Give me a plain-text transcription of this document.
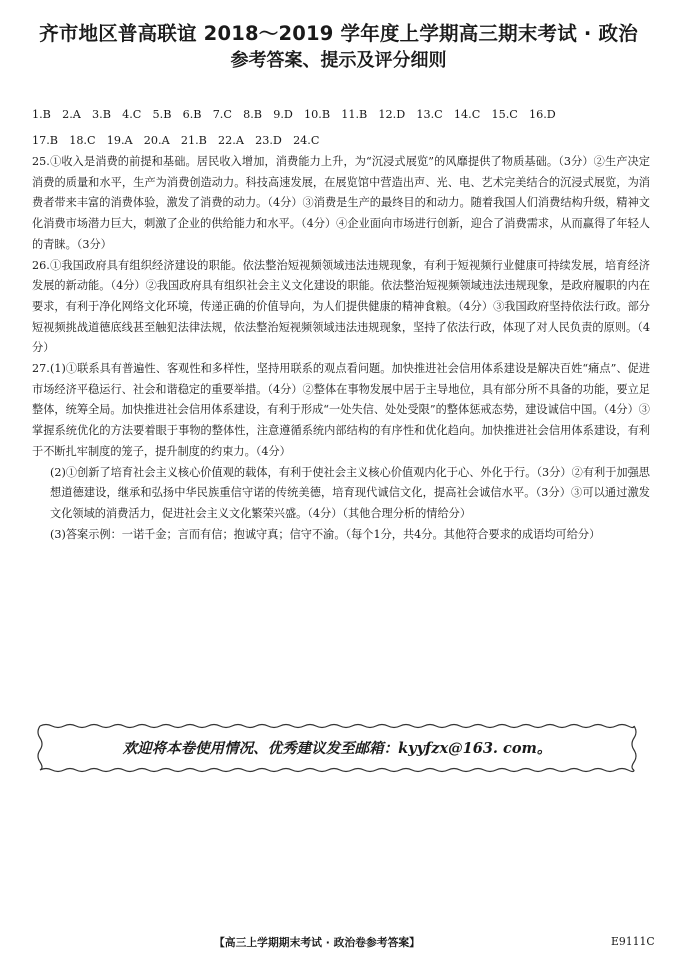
齐市地区普高联谊 2018～2019 学年度上学期高三期末考试 · 政治
参考答案、提示及评分细则
1.B　2.A　3.B　4.C　5.B　6.B　7.C　8.B　9.D　10.B　11.B　12.D　13.C　14.C　15.C　16.D
17.B　18.C　19.A　20.A　21.B　22.A　23.D　24.C

25.①收入是消费的前提和基础。居民收入增加，消费能力上升，为“沉浸式展览”的风靡提供了物质基础。（3分）②生产决定消费的质量和水平，生产为消费创造动力。科技高速发展，在展览馆中营造出声、光、电、艺术完美结合的沉浸式展览，为消费者带来丰富的消费体验，激发了消费的动力。（4分）③消费是生产的最终目的和动力。随着我国人们消费结构升级，精神文化消费市场潜力巨大，刺激了企业的供给能力和水平。（4分）④企业面向市场进行创新，迎合了消费需求，从而赢得了年轻人的青睐。（3分）

26.①我国政府具有组织经济建设的职能。依法整治短视频领域违法违规现象，有利于短视频行业健康可持续发展，培育经济发展的新动能。（4分）②我国政府具有组织社会主义文化建设的职能。依法整治短视频领域违法违规现象，是政府履职的内在要求，有利于净化网络文化环境，传递正确的价值导向，为人们提供健康的精神食粮。（4分）③我国政府坚持依法行政。部分短视频挑战道德底线甚至触犯法律法规，依法整治短视频领域违法违规现象，坚持了依法行政，体现了对人民负责的原则。（4分）

27.(1)①联系具有普遍性、客观性和多样性，坚持用联系的观点看问题。加快推进社会信用体系建设是解决百姓“痛点”、促进市场经济平稳运行、社会和谐稳定的重要举措。（4分）②整体在事物发展中居于主导地位，具有部分所不具备的功能，要立足整体，统筹全局。加快推进社会信用体系建设，有利于形成“一处失信、处处受限”的整体惩戒态势，建设诚信中国。（4分）③掌握系统优化的方法要着眼于事物的整体性，注意遵循系统内部结构的有序性和优化趋向。加快推进社会信用体系建设，有利于不断扎牢制度的笼子，提升制度的约束力。（4分）

(2)①创新了培育社会主义核心价值观的载体，有利于使社会主义核心价值观内化于心、外化于行。（3分）②有利于加强思想道德建设，继承和弘扬中华民族重信守诺的传统美德，培育现代诚信文化，提高社会诚信水平。（3分）③可以通过激发文化领域的消费活力，促进社会主义文化繁荣兴盛。（4分）（其他合理分析的情给分）

(3)答案示例：一诺千金；言而有信；抱诚守真；信守不渝。（每个1分，共4分。其他符合要求的成语均可给分）

欢迎将本卷使用情况、优秀建议发至邮箱：kyyfzx@163. com。
【高三上学期期末考试 · 政治卷参考答案】	E9111C
